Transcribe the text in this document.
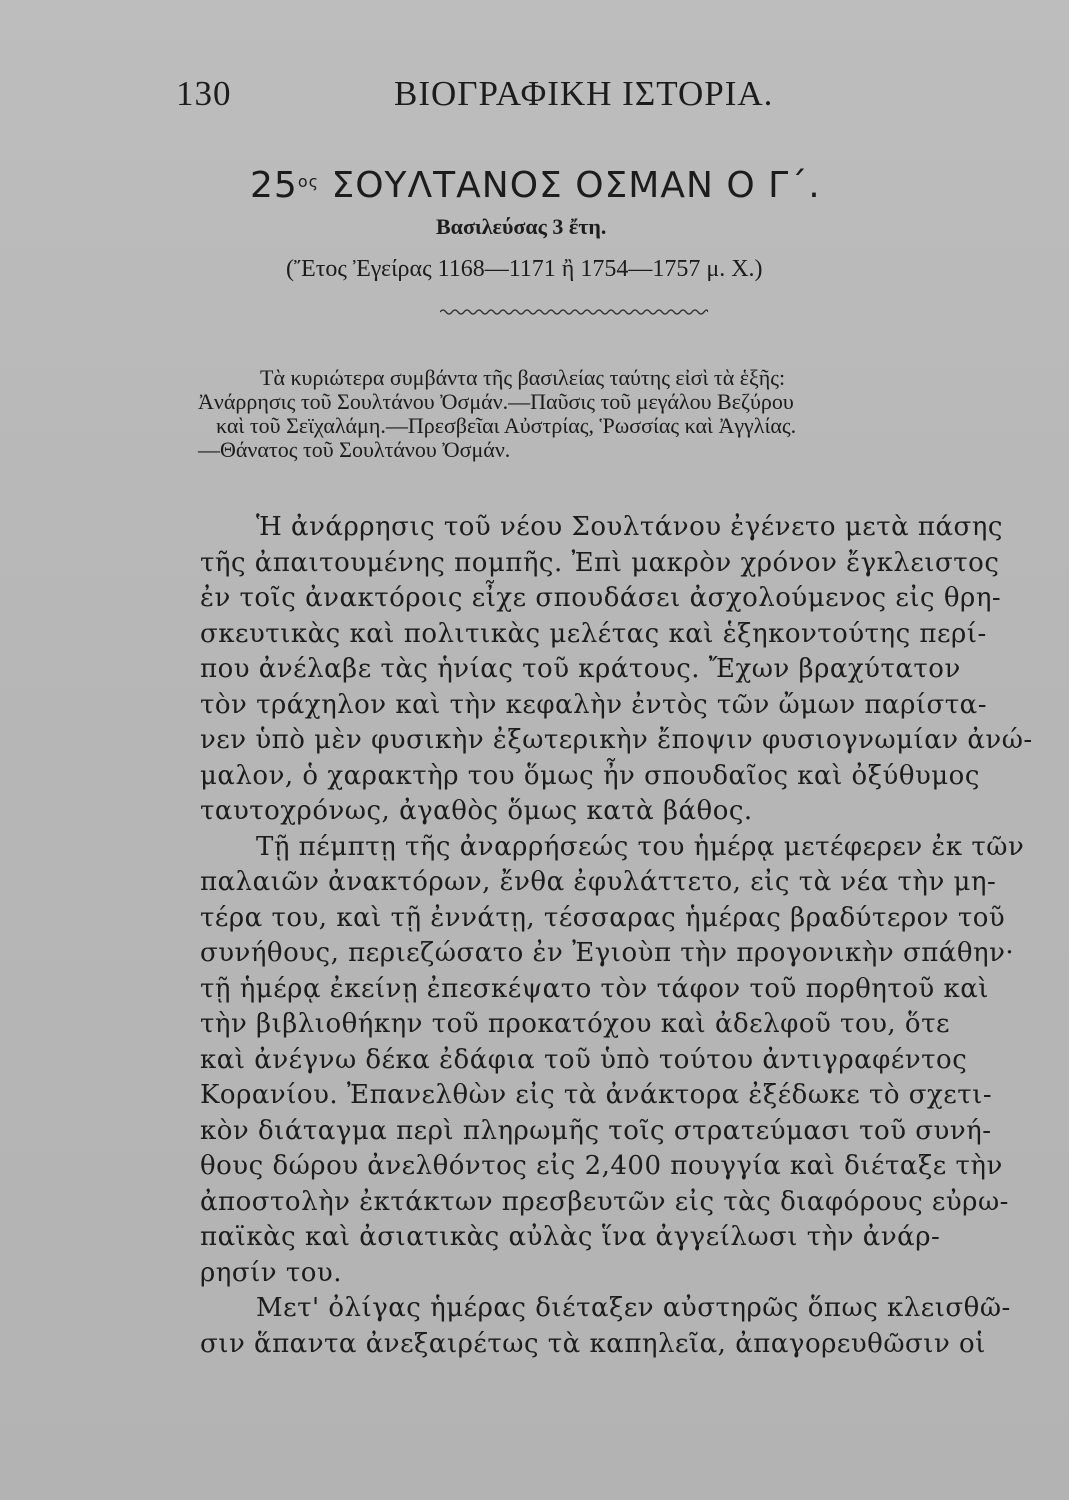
130	ΒΙΟΓΡΑΦΙΚΗ ΙΣΤΟΡΙΑ.
$25^{o\varsigma}$ ΣΟΥΛΤΑΝΟΣ ΟΣΜΑΝ Ο Γ΄.
Βασιλεύσας 3 ἔτη.
(Ἔτος Ἐγείρας 1168—1171 ἢ 1754—1757 μ. Χ.)
Τὰ κυριώτερα συμβάντα τῆς βασιλείας ταύτης εἰσὶ τὰ ἑξῆς:
Ἀνάρρησις τοῦ Σουλτάνου Ὀσμάν.—Παῦσις τοῦ μεγάλου Βεζύρου
καὶ τοῦ Σεϊχαλάμη.—Πρεσβεῖαι Αὐστρίας, Ῥωσσίας καὶ Ἀγγλίας.
—Θάνατος τοῦ Σουλτάνου Ὀσμάν.
Ἡ ἀνάρρησις τοῦ νέου Σουλτάνου ἐγένετο μετὰ πάσης
τῆς ἀπαιτουμένης πομπῆς. Ἐπὶ μακρὸν χρόνον ἔγκλειστος
ἐν τοῖς ἀνακτόροις εἶχε σπουδάσει ἀσχολούμενος εἰς θρη-
σκευτικὰς καὶ πολιτικὰς μελέτας καὶ ἑξηκοντούτης περί-
που ἀνέλαβε τὰς ἡνίας τοῦ κράτους. Ἔχων βραχύτατον
τὸν τράχηλον καὶ τὴν κεφαλὴν ἐντὸς τῶν ὤμων παρίστα-
νεν ὑπὸ μὲν φυσικὴν ἐξωτερικὴν ἔποψιν φυσιογνωμίαν ἀνώ-
μαλον, ὁ χαρακτὴρ του ὅμως ἦν σπουδαῖος καὶ ὀξύθυμος
ταυτοχρόνως, ἀγαθὸς ὅμως κατὰ βάθος.
Τῇ πέμπτῃ τῆς ἀναρρήσεώς του ἡμέρᾳ μετέφερεν ἐκ τῶν
παλαιῶν ἀνακτόρων, ἔνθα ἐφυλάττετο, εἰς τὰ νέα τὴν μη-
τέρα του, καὶ τῇ ἐννάτῃ, τέσσαρας ἡμέρας βραδύτερον τοῦ
συνήθους, περιεζώσατο ἐν Ἐγιοὺπ τὴν προγονικὴν σπάθην·
τῇ ἡμέρᾳ ἐκείνῃ ἐπεσκέψατο τὸν τάφον τοῦ πορθητοῦ καὶ
τὴν βιβλιοθήκην τοῦ προκατόχου καὶ ἀδελφοῦ του, ὅτε
καὶ ἀνέγνω δέκα ἐδάφια τοῦ ὑπὸ τούτου ἀντιγραφέντος
Κορανίου. Ἐπανελθὼν εἰς τὰ ἀνάκτορα ἐξέδωκε τὸ σχετι-
κὸν διάταγμα περὶ πληρωμῆς τοῖς στρατεύμασι τοῦ συνή-
θους δώρου ἀνελθόντος εἰς 2,400 πουγγία καὶ διέταξε τὴν
ἀποστολὴν ἐκτάκτων πρεσβευτῶν εἰς τὰς διαφόρους εὐρω-
παϊκὰς καὶ ἀσιατικὰς αὐλὰς ἵνα ἀγγείλωσι τὴν ἀνάρ-
ρησίν του.
Μετ' ὀλίγας ἡμέρας διέταξεν αὐστηρῶς ὅπως κλεισθῶ-
σιν ἅπαντα ἀνεξαιρέτως τὰ καπηλεῖα, ἀπαγορευθῶσιν οἱ
